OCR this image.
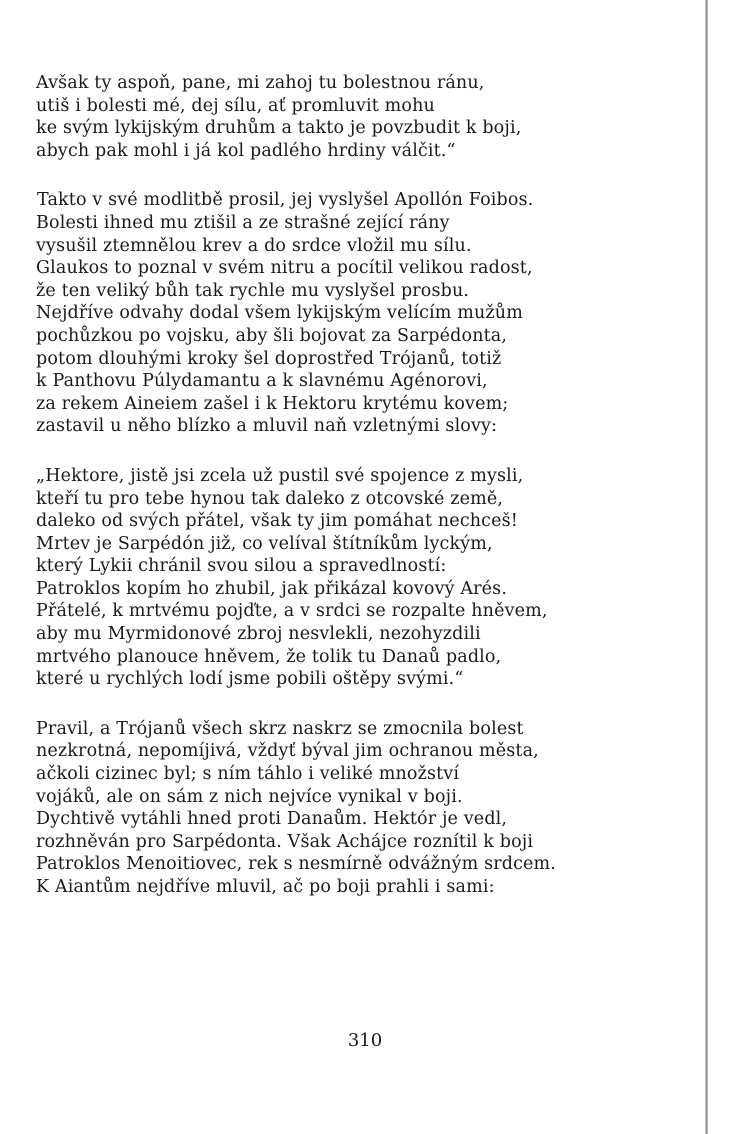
Avšak ty aspoň, pane, mi zahoj tu bolestnou ránu,
utiš i bolesti mé, dej sílu, ať promluvit mohu
ke svým lykijským druhům a takto je povzbudit k boji,
abych pak mohl i já kol padlého hrdiny válčit.“
Takto v své modlitbě prosil, jej vyslyšel Apollón Foibos.
Bolesti ihned mu ztišil a ze strašné zející rány
vysušil ztemnělou krev a do srdce vložil mu sílu.
Glaukos to poznal v svém nitru a pocítil velikou radost,
že ten veliký bůh tak rychle mu vyslyšel prosbu.
Nejdříve odvahy dodal všem lykijským velícím mužům
pochůzkou po vojsku, aby šli bojovat za Sarpédonta,
potom dlouhými kroky šel doprostřed Trójanů, totiž
k Panthovu Púlydamantu a k slavnému Agénorovi,
za rekem Aineiem zašel i k Hektoru krytému kovem;
zastavil u něho blízko a mluvil naň vzletnými slovy:
„Hektore, jistě jsi zcela už pustil své spojence z mysli,
kteří tu pro tebe hynou tak daleko z otcovské země,
daleko od svých přátel, však ty jim pomáhat nechceš!
Mrtev je Sarpédón již, co velíval štítníkům lyckým,
který Lykii chránil svou silou a spravedlností:
Patroklos kopím ho zhubil, jak přikázal kovový Arés.
Přátelé, k mrtvému pojďte, a v srdci se rozpalte hněvem,
aby mu Myrmidonové zbroj nesvlekli, nezohyzdili
mrtvého planouce hněvem, že tolik tu Danaů padlo,
které u rychlých lodí jsme pobili oštěpy svými.“
Pravil, a Trójanů všech skrz naskrz se zmocnila bolest
nezkrotná, nepomíjivá, vždyť býval jim ochranou města,
ačkoli cizinec byl; s ním táhlo i veliké množství
vojáků, ale on sám z nich nejvíce vynikal v boji.
Dychtivě vytáhli hned proti Danaům. Hektór je vedl,
rozhněván pro Sarpédonta. Však Achájce roznítil k boji
Patroklos Menoitiovec, rek s nesmírně odvážným srdcem.
K Aiantům nejdříve mluvil, ač po boji prahli i sami:
310
